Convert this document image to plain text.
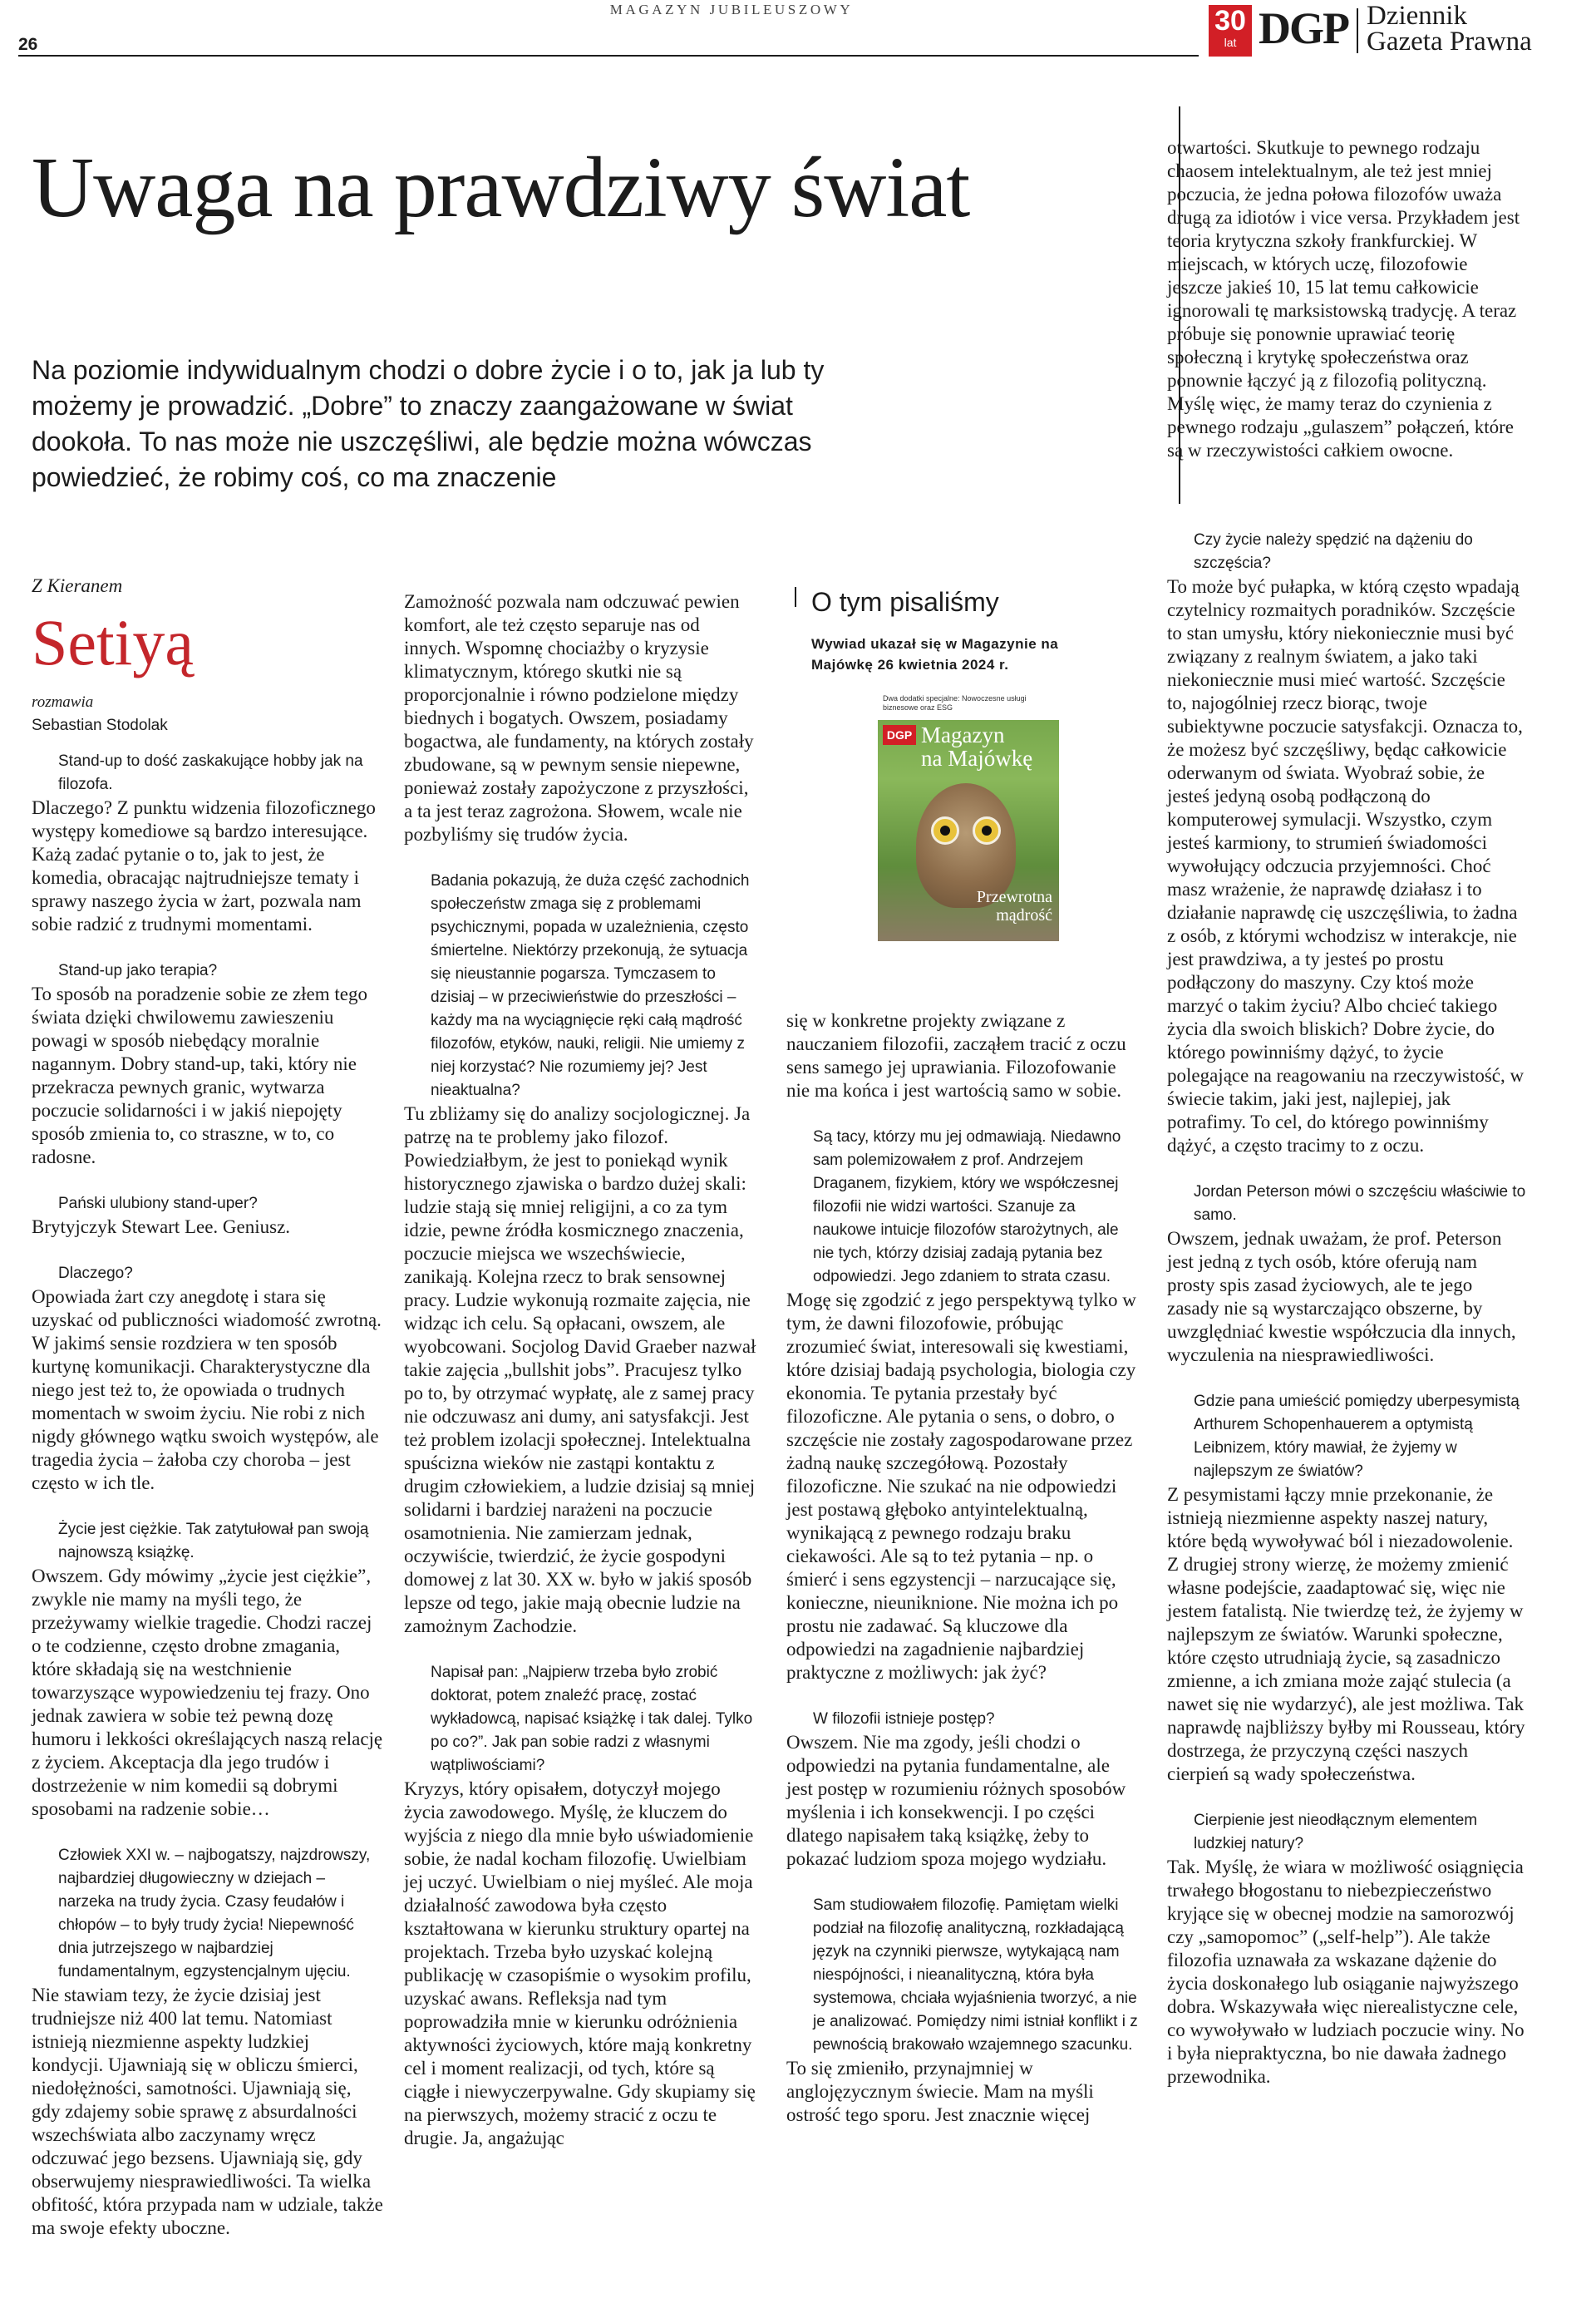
26
MAGAZYN JUBILEUSZOWY	30
lat DGP Dziennik
Gazeta Prawna
Uwaga na prawdziwy świat
Na poziomie indywidualnym chodzi o dobre życie i o to, jak ja lub ty możemy je prowadzić. „Dobre” to znaczy zaangażowane w świat dookoła. To nas może nie uszczęśliwi, ale będzie można wówczas powiedzieć, że robimy coś, co ma znaczenie
Z Kieranem
Setiyą
rozmawia
Sebastian Stodolak

Stand-up to dość zaskakujące hobby jak na filozofa.

Dlaczego? Z punktu widzenia filozoficznego występy komediowe są bardzo interesujące. Każą zadać pytanie o to, jak to jest, że komedia, obracając najtrudniejsze tematy i sprawy naszego życia w żart, pozwala nam sobie radzić z trudnymi momentami.

Stand-up jako terapia?

To sposób na poradzenie sobie ze złem tego świata dzięki chwilowemu zawieszeniu powagi w sposób niebędący moralnie nagannym. Dobry stand-up, taki, który nie przekracza pewnych granic, wytwarza poczucie solidarności i w jakiś niepojęty sposób zmienia to, co straszne, w to, co radosne.

Pański ulubiony stand-uper?

Brytyjczyk Stewart Lee. Geniusz.

Dlaczego?

Opowiada żart czy anegdotę i stara się uzyskać od publiczności wiadomość zwrotną. W jakimś sensie rozdziera w ten sposób kurtynę komunikacji. Charakterystyczne dla niego jest też to, że opowiada o trudnych momentach w swoim życiu. Nie robi z nich nigdy głównego wątku swoich występów, ale tragedia życia – żałoba czy choroba – jest często w ich tle.

Życie jest ciężkie. Tak zatytułował pan swoją najnowszą książkę.

Owszem. Gdy mówimy „życie jest ciężkie”, zwykle nie mamy na myśli tego, że przeżywamy wielkie tragedie. Chodzi raczej o te codzienne, często drobne zmagania, które składają się na westchnienie towarzyszące wypowiedzeniu tej frazy. Ono jednak zawiera w sobie też pewną dozę humoru i lekkości określających naszą relację z życiem. Akceptacja dla jego trudów i dostrzeżenie w nim komedii są dobrymi sposobami na radzenie sobie…

Człowiek XXI w. – najbogatszy, najzdrowszy, najbardziej długowieczny w dziejach – narzeka na trudy życia. Czasy feudałów i chłopów – to były trudy życia! Niepewność dnia jutrzejszego w najbardziej fundamentalnym, egzystencjalnym ujęciu.

Nie stawiam tezy, że życie dzisiaj jest trudniejsze niż 400 lat temu. Natomiast istnieją niezmienne aspekty ludzkiej kondycji. Ujawniają się w obliczu śmierci, niedołężności, samotności. Ujawniają się, gdy zdajemy sobie sprawę z absurdalności wszechświata albo zaczynamy wręcz odczuwać jego bezsens. Ujawniają się, gdy obserwujemy niesprawiedliwości. Ta wielka obfitość, która przypada nam w udziale, także ma swoje efekty uboczne.

Zamożność pozwala nam odczuwać pewien komfort, ale też często separuje nas od innych. Wspomnę chociażby o kryzysie klimatycznym, którego skutki nie są proporcjonalnie i równo podzielone między biednych i bogatych. Owszem, posiadamy bogactwa, ale fundamenty, na których zostały zbudowane, są w pewnym sensie niepewne, ponieważ zostały zapożyczone z przyszłości, a ta jest teraz zagrożona. Słowem, wcale nie pozbyliśmy się trudów życia.

Badania pokazują, że duża część zachodnich społeczeństw zmaga się z problemami psychicznymi, popada w uzależnienia, często śmiertelne. Niektórzy przekonują, że sytuacja się nieustannie pogarsza. Tymczasem to dzisiaj – w przeciwieństwie do przeszłości – każdy ma na wyciągnięcie ręki całą mądrość filozofów, etyków, nauki, religii. Nie umiemy z niej korzystać? Nie rozumiemy jej? Jest nieaktualna?

Tu zbliżamy się do analizy socjologicznej. Ja patrzę na te problemy jako filozof. Powiedziałbym, że jest to poniekąd wynik historycznego zjawiska o bardzo dużej skali: ludzie stają się mniej religijni, a co za tym idzie, pewne źródła kosmicznego znaczenia, poczucie miejsca we wszechświecie, zanikają. Kolejna rzecz to brak sensownej pracy. Ludzie wykonują rozmaite zajęcia, nie widząc ich celu. Są opłacani, owszem, ale wyobcowani. Socjolog David Graeber nazwał takie zajęcia „bullshit jobs”. Pracujesz tylko po to, by otrzymać wypłatę, ale z samej pracy nie odczuwasz ani dumy, ani satysfakcji. Jest też problem izolacji społecznej. Intelektualna spuścizna wieków nie zastąpi kontaktu z drugim człowiekiem, a ludzie dzisiaj są mniej solidarni i bardziej narażeni na poczucie osamotnienia. Nie zamierzam jednak, oczywiście, twierdzić, że życie gospodyni domowej z lat 30. XX w. było w jakiś sposób lepsze od tego, jakie mają obecnie ludzie na zamożnym Zachodzie.

Napisał pan: „Najpierw trzeba było zrobić doktorat, potem znaleźć pracę, zostać wykładowcą, napisać książkę i tak dalej. Tylko po co?”. Jak pan sobie radzi z własnymi wątpliwościami?

Kryzys, który opisałem, dotyczył mojego życia zawodowego. Myślę, że kluczem do wyjścia z niego dla mnie było uświadomienie sobie, że nadal kocham filozofię. Uwielbiam jej uczyć. Uwielbiam o niej myśleć. Ale moja działalność zawodowa była często kształtowana w kierunku struktury opartej na projektach. Trzeba było uzyskać kolejną publikację w czasopiśmie o wysokim profilu, uzyskać awans. Refleksja nad tym poprowadziła mnie w kierunku odróżnienia aktywności życiowych, które mają konkretny cel i moment realizacji, od tych, które są ciągłe i niewyczerpywalne. Gdy skupiamy się na pierwszych, możemy stracić z oczu te drugie. Ja, angażując

O tym pisaliśmy
Wywiad ukazał się w Magazynie na Majówkę 26 kwietnia 2024 r.
Dwa dodatki specjalne: Nowoczesne usługi biznesowe oraz ESG
DGP Magazyn
na Majówkę
Przewrotna
mądrość

się w konkretne projekty związane z nauczaniem filozofii, zacząłem tracić z oczu sens samego jej uprawiania. Filozofowanie nie ma końca i jest wartością samo w sobie.

Są tacy, którzy mu jej odmawiają. Niedawno sam polemizowałem z prof. Andrzejem Draganem, fizykiem, który we współczesnej filozofii nie widzi wartości. Szanuje za naukowe intuicje filozofów starożytnych, ale nie tych, którzy dzisiaj zadają pytania bez odpowiedzi. Jego zdaniem to strata czasu.

Mogę się zgodzić z jego perspektywą tylko w tym, że dawni filozofowie, próbując zrozumieć świat, interesowali się kwestiami, które dzisiaj badają psychologia, biologia czy ekonomia. Te pytania przestały być filozoficzne. Ale pytania o sens, o dobro, o szczęście nie zostały zagospodarowane przez żadną naukę szczegółową. Pozostały filozoficzne. Nie szukać na nie odpowiedzi jest postawą głęboko antyintelektualną, wynikającą z pewnego rodzaju braku ciekawości. Ale są to też pytania – np. o śmierć i sens egzystencji – narzucające się, konieczne, nieuniknione. Nie można ich po prostu nie zadawać. Są kluczowe dla odpowiedzi na zagadnienie najbardziej praktyczne z możliwych: jak żyć?

W filozofii istnieje postęp?

Owszem. Nie ma zgody, jeśli chodzi o odpowiedzi na pytania fundamentalne, ale jest postęp w rozumieniu różnych sposobów myślenia i ich konsekwencji. I po części dlatego napisałem taką książkę, żeby to pokazać ludziom spoza mojego wydziału.

Sam studiowałem filozofię. Pamiętam wielki podział na filozofię analityczną, rozkładającą język na czynniki pierwsze, wytykającą nam niespójności, i nieanalityczną, która była systemowa, chciała wyjaśnienia tworzyć, a nie je analizować. Pomiędzy nimi istniał konflikt i z pewnością brakowało wzajemnego szacunku.

To się zmieniło, przynajmniej w anglojęzycznym świecie. Mam na myśli ostrość tego sporu. Jest znacznie więcej

otwartości. Skutkuje to pewnego rodzaju chaosem intelektualnym, ale też jest mniej poczucia, że jedna połowa filozofów uważa drugą za idiotów i vice versa. Przykładem jest teoria krytyczna szkoły frankfurckiej. W miejscach, w których uczę, filozofowie jeszcze jakieś 10, 15 lat temu całkowicie ignorowali tę marksistowską tradycję. A teraz próbuje się ponownie uprawiać teorię społeczną i krytykę społeczeństwa oraz ponownie łączyć ją z filozofią polityczną. Myślę więc, że mamy teraz do czynienia z pewnego rodzaju „gulaszem” połączeń, które są w rzeczywistości całkiem owocne.

Czy życie należy spędzić na dążeniu do szczęścia?

To może być pułapka, w którą często wpadają czytelnicy rozmaitych poradników. Szczęście to stan umysłu, który niekoniecznie musi być związany z realnym światem, a jako taki niekoniecznie musi mieć wartość. Szczęście to, najogólniej rzecz biorąc, twoje subiektywne poczucie satysfakcji. Oznacza to, że możesz być szczęśliwy, będąc całkowicie oderwanym od świata. Wyobraź sobie, że jesteś jedyną osobą podłączoną do komputerowej symulacji. Wszystko, czym jesteś karmiony, to strumień świadomości wywołujący odczucia przyjemności. Choć masz wrażenie, że naprawdę działasz i to działanie naprawdę cię uszczęśliwia, to żadna z osób, z którymi wchodzisz w interakcje, nie jest prawdziwa, a ty jesteś po prostu podłączony do maszyny. Czy ktoś może marzyć o takim życiu? Albo chcieć takiego życia dla swoich bliskich? Dobre życie, do którego powinniśmy dążyć, to życie polegające na reagowaniu na rzeczywistość, w świecie takim, jaki jest, najlepiej, jak potrafimy. To cel, do którego powinniśmy dążyć, a często tracimy to z oczu.

Jordan Peterson mówi o szczęściu właściwie to samo.

Owszem, jednak uważam, że prof. Peterson jest jedną z tych osób, które oferują nam prosty spis zasad życiowych, ale te jego zasady nie są wystarczająco obszerne, by uwzględniać kwestie współczucia dla innych, wyczulenia na niesprawiedliwości.

Gdzie pana umieścić pomiędzy uberpesymistą Arthurem Schopenhauerem a optymistą Leibnizem, który mawiał, że żyjemy w najlepszym ze światów?

Z pesymistami łączy mnie przekonanie, że istnieją niezmienne aspekty naszej natury, które będą wywoływać ból i niezadowolenie. Z drugiej strony wierzę, że możemy zmienić własne podejście, zaadaptować się, więc nie jestem fatalistą. Nie twierdzę też, że żyjemy w najlepszym ze światów. Warunki społeczne, które często utrudniają życie, są zasadniczo zmienne, a ich zmiana może zająć stulecia (a nawet się nie wydarzyć), ale jest możliwa. Tak naprawdę najbliższy byłby mi Rousseau, który dostrzega, że przyczyną części naszych cierpień są wady społeczeństwa.

Cierpienie jest nieodłącznym elementem ludzkiej natury?

Tak. Myślę, że wiara w możliwość osiągnięcia trwałego błogostanu to niebezpieczeństwo kryjące się w obecnej modzie na samorozwój czy „samopomoc” („self-help”). Ale także filozofia uznawała za wskazane dążenie do życia doskonałego lub osiąganie najwyższego dobra. Wskazywała więc nierealistyczne cele, co wywoływało w ludziach poczucie winy. No i była niepraktyczna, bo nie dawała żadnego przewodnika.
